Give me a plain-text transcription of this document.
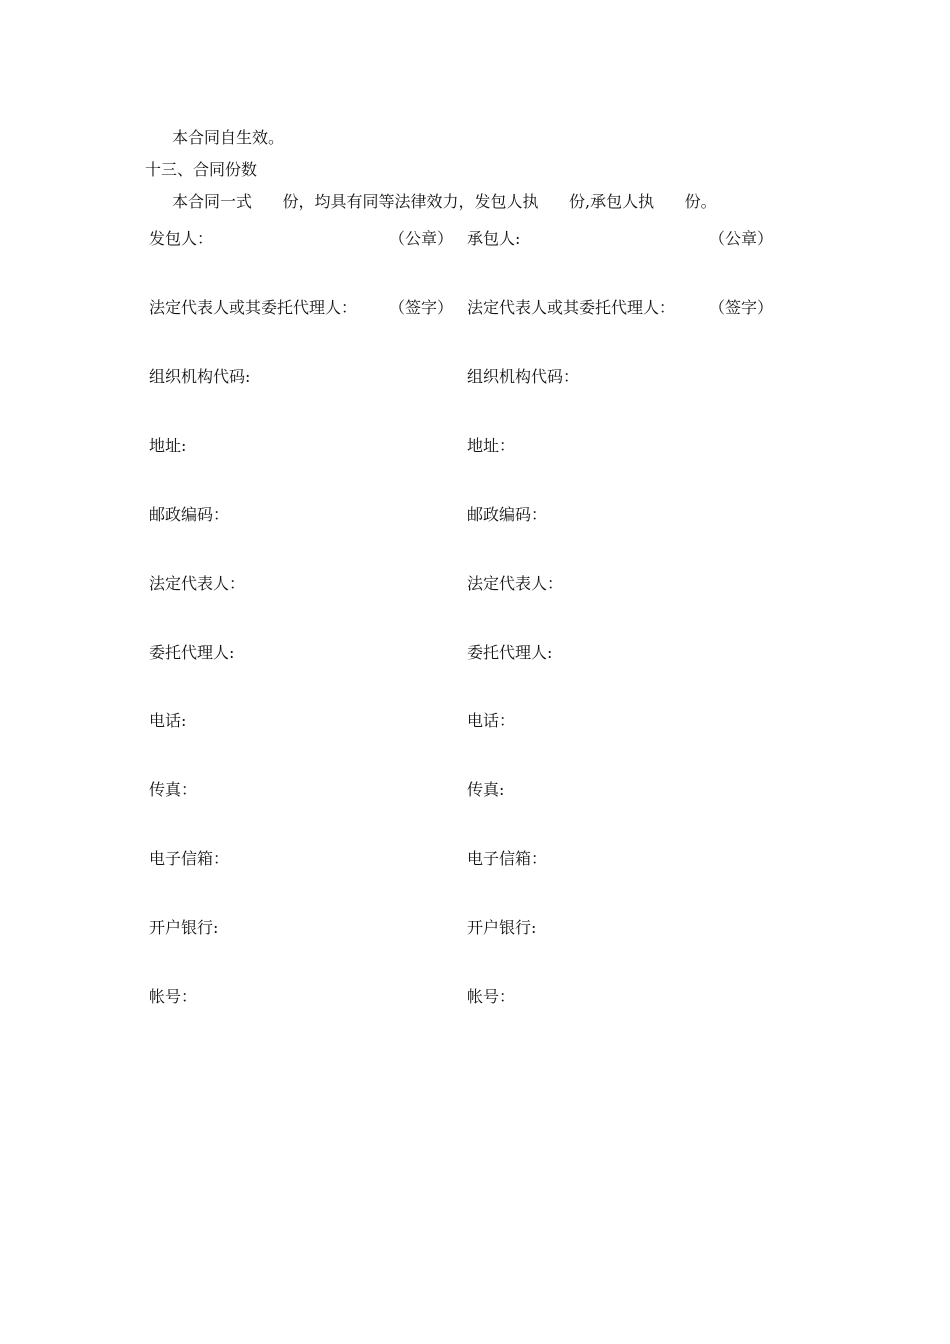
本合同自生效。
十三、合同份数
本合同一式      份，均具有同等法律效力，发包人执      份,承包人执      份。
发包人：	（公章） 承包人:	（公章）
法定代表人或其委托代理人： （签字） 法定代表人或其委托代理人： （签字）
组织机构代码:	组织机构代码：
地址:	地址：
邮政编码：	邮政编码：
法定代表人：	法定代表人：
委托代理人:	委托代理人:
电话:	电话：
传真：	传真:
电子信箱：	电子信箱：
开户银行:	开户银行:
帐号：	帐号：
